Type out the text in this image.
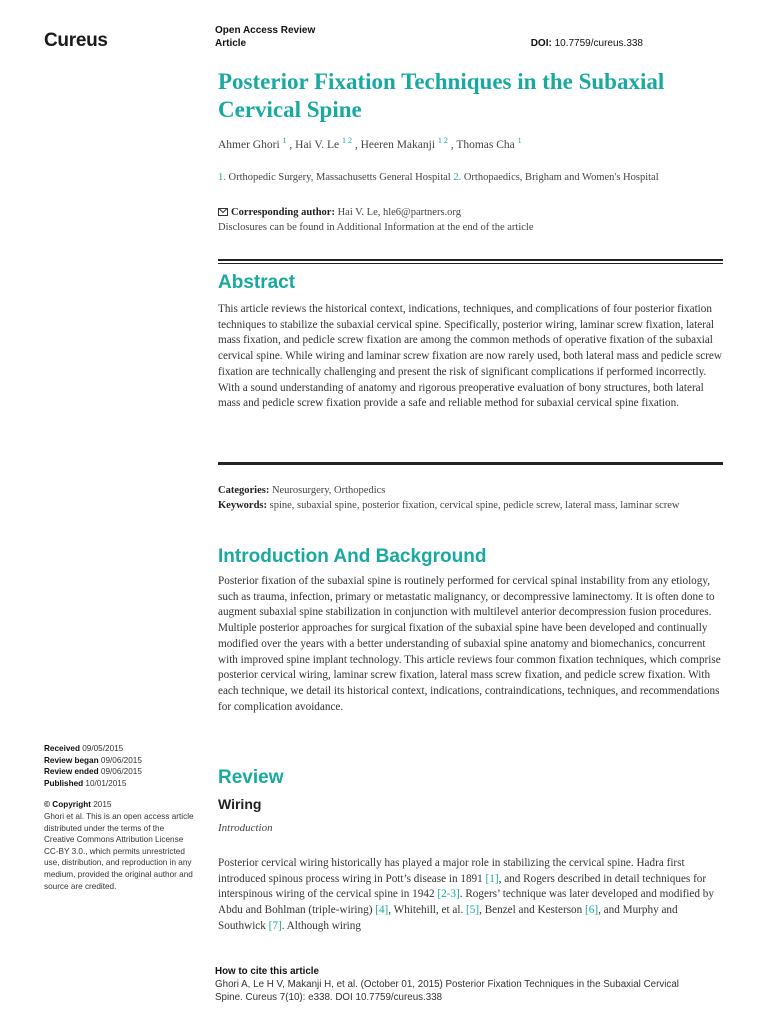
Cureus	Open Access Review
Article	DOI: 10.7759/cureus.338
Posterior Fixation Techniques in the Subaxial Cervical Spine
Ahmer Ghori $^1$ , Hai V. Le $^{1 2}$ , Heeren Makanji $^{1 2}$ , Thomas Cha $^1$
1. Orthopedic Surgery, Massachusetts General Hospital 2. Orthopaedics, Brigham and Women's Hospital
Corresponding author: Hai V. Le, hle6@partners.org
Disclosures can be found in Additional Information at the end of the article
Abstract

This article reviews the historical context, indications, techniques, and complications of four posterior fixation techniques to stabilize the subaxial cervical spine. Specifically, posterior wiring, laminar screw fixation, lateral mass fixation, and pedicle screw fixation are among the common methods of operative fixation of the subaxial cervical spine. While wiring and laminar screw fixation are now rarely used, both lateral mass and pedicle screw fixation are technically challenging and present the risk of significant complications if performed incorrectly. With a sound understanding of anatomy and rigorous preoperative evaluation of bony structures, both lateral mass and pedicle screw fixation provide a safe and reliable method for subaxial cervical spine fixation.

Categories: Neurosurgery, Orthopedics
Keywords: spine, subaxial spine, posterior fixation, cervical spine, pedicle screw, lateral mass, laminar screw
Introduction And Background

Posterior fixation of the subaxial spine is routinely performed for cervical spinal instability from any etiology, such as trauma, infection, primary or metastatic malignancy, or decompressive laminectomy. It is often done to augment subaxial spine stabilization in conjunction with multilevel anterior decompression fusion procedures. Multiple posterior approaches for surgical fixation of the subaxial spine have been developed and continually modified over the years with a better understanding of subaxial spine anatomy and biomechanics, concurrent with improved spine implant technology. This article reviews four common fixation techniques, which comprise posterior cervical wiring, laminar screw fixation, lateral mass screw fixation, and pedicle screw fixation. With each technique, we detail its historical context, indications, contraindications, techniques, and recommendations for complication avoidance.

Review
Wiring
Introduction

Posterior cervical wiring historically has played a major role in stabilizing the cervical spine. Hadra first introduced spinous process wiring in Pott’s disease in 1891 [1], and Rogers described in detail techniques for interspinous wiring of the cervical spine in 1942 [2-3]. Rogers’ technique was later developed and modified by Abdu and Bohlman (triple-wiring) [4], Whitehill, et al. [5], Benzel and Kesterson [6], and Murphy and Southwick [7]. Although wiring

Received 09/05/2015
Review began 09/06/2015
Review ended 09/06/2015
Published 10/01/2015
© Copyright 2015
Ghori et al. This is an open access article distributed under the terms of the Creative Commons Attribution License CC-BY 3.0., which permits unrestricted use, distribution, and reproduction in any medium, provided the original author and source are credited.
How to cite this article
Ghori A, Le H V, Makanji H, et al. (October 01, 2015) Posterior Fixation Techniques in the Subaxial Cervical Spine. Cureus 7(10): e338. DOI 10.7759/cureus.338
